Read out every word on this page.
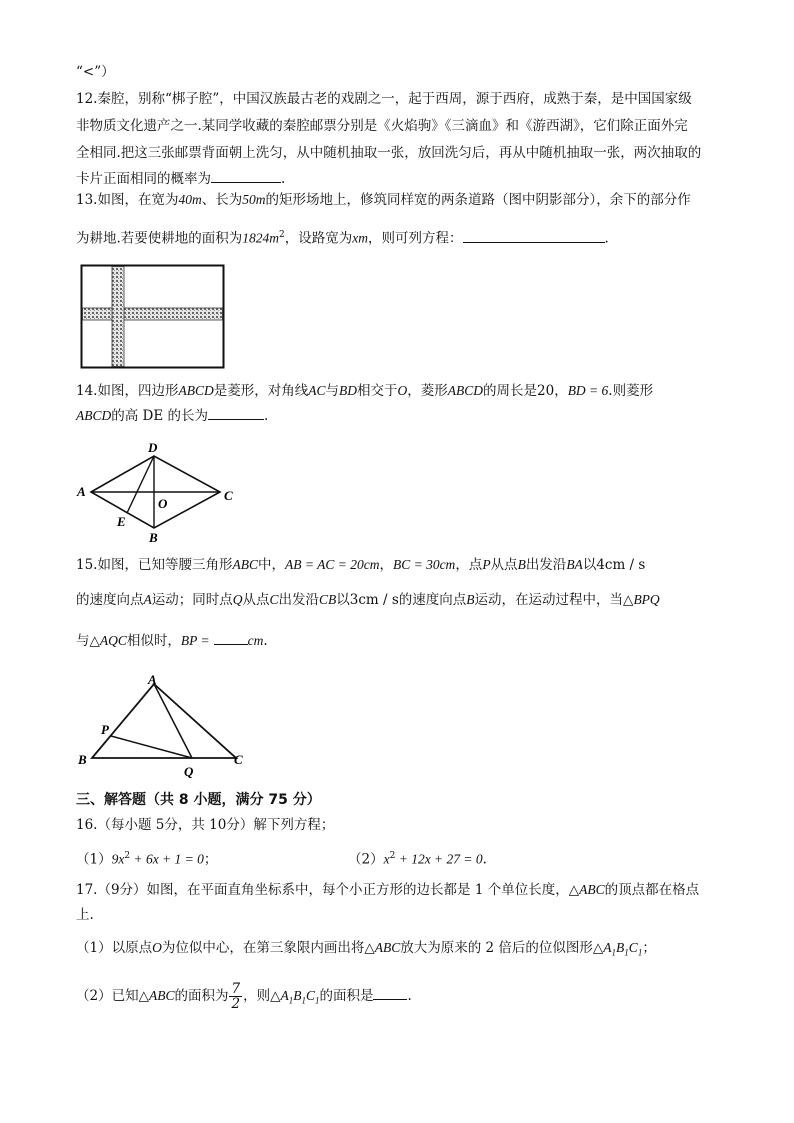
“<”）
12.秦腔，别称“梆子腔”，中国汉族最古老的戏剧之一，起于西周，源于西府，成熟于秦，是中国国家级
非物质文化遗产之一.某同学收藏的秦腔邮票分别是《火焰驹》《三滴血》和《游西湖》，它们除正面外完
全相同.把这三张邮票背面朝上洗匀，从中随机抽取一张，放回洗匀后，再从中随机抽取一张，两次抽取的
卡片正面相同的概率为	.
13.如图，在宽为40m、长为50m的矩形场地上，修筑同样宽的两条道路（图中阴影部分），余下的部分作
为耕地.若要使耕地的面积为$1824m^2$，设路宽为xm，则可列方程：	.
14.如图，四边形ABCD是菱形，对角线AC与BD相交于O，菱形ABCD的周长是20，BD = 6.则菱形
ABCD的高 DE 的长为	.
D
A	C
O
E
B
15.如图，已知等腰三角形ABC中，AB = AC = 20cm，BC = 30cm，点P从点B出发沿BA以4cm / s
的速度向点A运动；同时点Q从点C出发沿CB以3cm / s的速度向点B运动，在运动过程中，当△BPQ
与△AQC相似时，BP =	cm.
A
P
B	C
Q
三、解答题（共 8 小题，满分 75 分）
16.（每小题 5分，共 10分）解下列方程；
$(1)9x^2 + 6x + 1 = 0$；	$(2)x^2 + 12x + 27 = 0$.
17.（9分）如图，在平面直角坐标系中，每个小正方形的边长都是 1 个单位长度，△ABC的顶点都在格点
上.
（1）以原点O为位似中心，在第三象限内画出将△ABC放大为原来的 2 倍后的位似图形$\triangle A_1B_1C_1$；
（2）已知△ABC的面积为 $\frac{7}{2}$ ，则$\triangle A_1B_1C_1$的面积是	.
